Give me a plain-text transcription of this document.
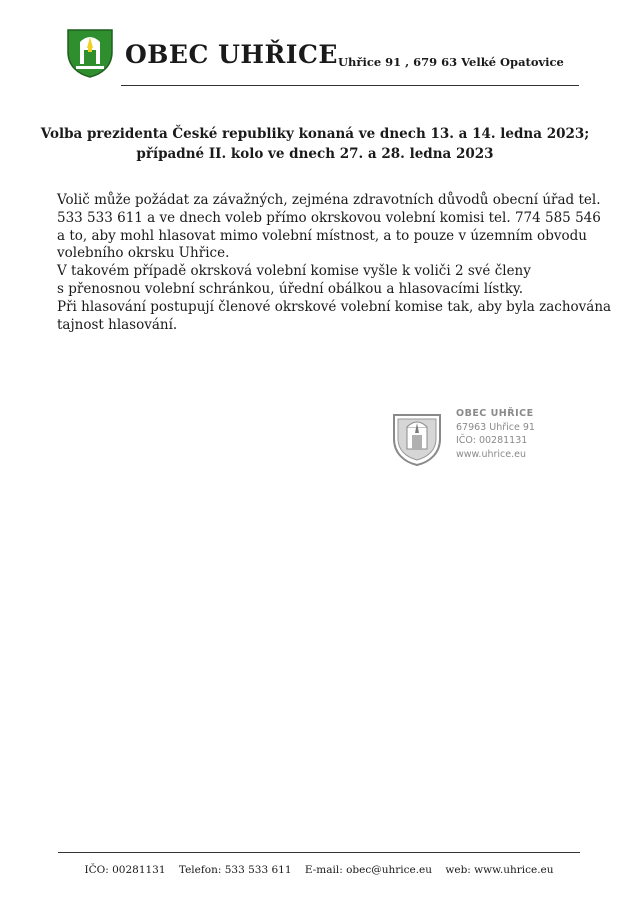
OBEC UHŘICE Uhřice 91 , 679 63 Velké Opatovice
Volba prezidenta České republiky konaná ve dnech 13. a 14. ledna 2023;
případné II. kolo ve dnech 27. a 28. ledna 2023
Volič může požádat za závažných, zejména zdravotních důvodů obecní úřad tel.
533 533 611 a ve dnech voleb přímo okrskovou volební komisi tel. 774 585 546
a to, aby mohl hlasovat mimo volební místnost, a to pouze v územním obvodu
volebního okrsku Uhřice.
V takovém případě okrsková volební komise vyšle k voliči 2 své členy
s přenosnou volební schránkou, úřední obálkou a hlasovacími lístky.
Při hlasování postupují členové okrskové volební komise tak, aby byla zachována
tajnost hlasování.
OBEC UHŘICE
67963 Uhřice 91
IČO: 00281131
www.uhrice.eu
IČO: 00281131 Telefon: 533 533 611 E-mail: obec@uhrice.eu web: www.uhrice.eu
